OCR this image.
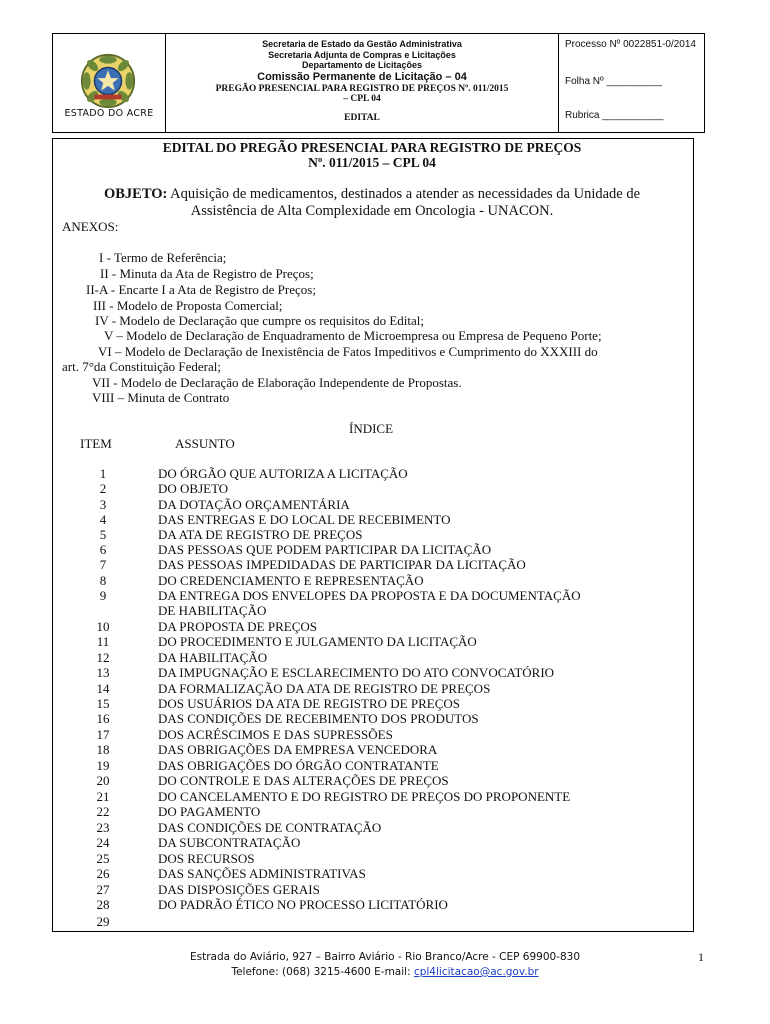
ESTADO DO ACRE
Secretaria de Estado da Gestão Administrativa
Secretaria Adjunta de Compras e Licitações
Departamento de Licitações
Comissão Permanente de Licitação – 04
PREGÃO PRESENCIAL PARA REGISTRO DE PREÇOS Nº. 011/2015
– CPL 04
EDITAL
Processo Nº 0022851-0/2014
Folha Nº __________
Rubrica ___________
EDITAL DO PREGÃO PRESENCIAL PARA REGISTRO DE PREÇOS
Nº. 011/2015 – CPL 04
OBJETO: Aquisição de medicamentos, destinados a atender as necessidades da Unidade de
Assistência de Alta Complexidade em Oncologia - UNACON.
ANEXOS:
I - Termo de Referência;
II - Minuta da Ata de Registro de Preços;
II-A - Encarte I a Ata de Registro de Preços;
III - Modelo de Proposta Comercial;
IV - Modelo de Declaração que cumpre os requisitos do Edital;
V – Modelo de Declaração de Enquadramento de Microempresa ou Empresa de Pequeno Porte;
VI – Modelo de Declaração de Inexistência de Fatos Impeditivos e Cumprimento do XXXIII do
art. 7°da Constituição Federal;
VII - Modelo de Declaração de Elaboração Independente de Propostas.
VIII – Minuta de Contrato
ÍNDICE
ITEM	ASSUNTO
1	DO ÓRGÃO QUE AUTORIZA A LICITAÇÃO
2	DO OBJETO
3	DA DOTAÇÃO ORÇAMENTÁRIA
4	DAS ENTREGAS E DO LOCAL DE RECEBIMENTO
5	DA ATA DE REGISTRO DE PREÇOS
6	DAS PESSOAS QUE PODEM PARTICIPAR DA LICITAÇÃO
7	DAS PESSOAS IMPEDIDADAS DE PARTICIPAR DA LICITAÇÃO
8	DO CREDENCIAMENTO E REPRESENTAÇÃO
9	DA ENTREGA DOS ENVELOPES DA PROPOSTA E DA DOCUMENTAÇÃO
DE HABILITAÇÃO
10	DA PROPOSTA DE PREÇOS
11	DO PROCEDIMENTO E JULGAMENTO DA LICITAÇÃO
12	DA HABILITAÇÃO
13	DA IMPUGNAÇÃO E ESCLARECIMENTO DO ATO CONVOCATÓRIO
14	DA FORMALIZAÇÃO DA ATA DE REGISTRO DE PREÇOS
15	DOS USUÁRIOS DA ATA DE REGISTRO DE PREÇOS
16	DAS CONDIÇÕES DE RECEBIMENTO DOS PRODUTOS
17	DOS ACRÉSCIMOS E DAS SUPRESSÕES
18	DAS OBRIGAÇÕES DA EMPRESA VENCEDORA
19	DAS OBRIGAÇÕES DO ÓRGÃO CONTRATANTE
20	DO CONTROLE E DAS ALTERAÇÕES DE PREÇOS
21	DO CANCELAMENTO E DO REGISTRO DE PREÇOS DO PROPONENTE
22	DO PAGAMENTO
23	DAS CONDIÇÕES DE CONTRATAÇÃO
24	DA SUBCONTRATAÇÃO
25	DOS RECURSOS
26	DAS SANÇÕES ADMINISTRATIVAS
27	DAS DISPOSIÇÕES GERAIS
28	DO PADRÃO ÉTICO NO PROCESSO LICITATÓRIO
29
Estrada do Aviário, 927 – Bairro Aviário - Rio Branco/Acre - CEP 69900-830
Telefone: (068) 3215-4600 E-mail: cpl4licitacao@ac.gov.br
1
